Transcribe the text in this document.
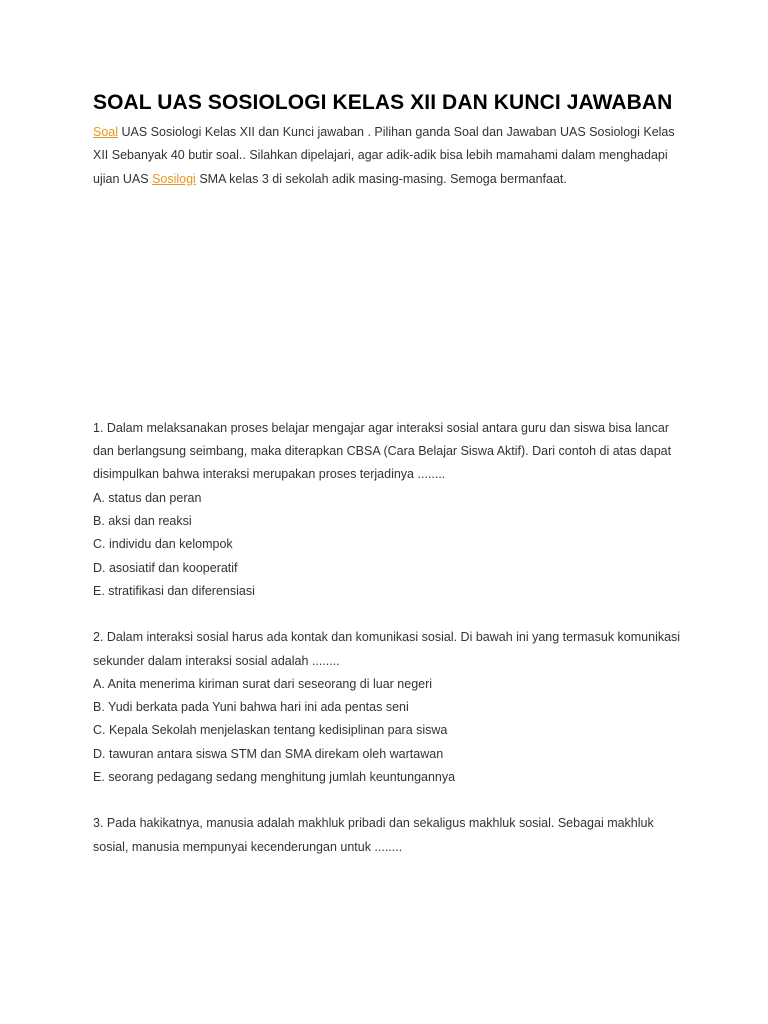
SOAL UAS SOSIOLOGI KELAS XII DAN KUNCI JAWABAN

Soal UAS Sosiologi Kelas XII dan Kunci jawaban . Pilihan ganda Soal dan Jawaban UAS Sosiologi Kelas XII Sebanyak 40 butir soal.. Silahkan dipelajari, agar adik-adik bisa lebih mamahami dalam menghadapi ujian UAS Sosilogi SMA kelas 3 di sekolah adik masing-masing. Semoga bermanfaat.

1. Dalam melaksanakan proses belajar mengajar agar interaksi sosial antara guru dan siswa bisa lancar dan berlangsung seimbang, maka diterapkan CBSA (Cara Belajar Siswa Aktif). Dari contoh di atas dapat disimpulkan bahwa interaksi merupakan proses terjadinya ........

A. status dan peran
B. aksi dan reaksi
C. individu dan kelompok
D. asosiatif dan kooperatif
E. stratifikasi dan diferensiasi

2. Dalam interaksi sosial harus ada kontak dan komunikasi sosial. Di bawah ini yang termasuk komunikasi sekunder dalam interaksi sosial adalah ........

A. Anita menerima kiriman surat dari seseorang di luar negeri
B. Yudi berkata pada Yuni bahwa hari ini ada pentas seni
C. Kepala Sekolah menjelaskan tentang kedisiplinan para siswa
D. tawuran antara siswa STM dan SMA direkam oleh wartawan
E. seorang pedagang sedang menghitung jumlah keuntungannya

3. Pada hakikatnya, manusia adalah makhluk pribadi dan sekaligus makhluk sosial. Sebagai makhluk sosial, manusia mempunyai kecenderungan untuk ........
